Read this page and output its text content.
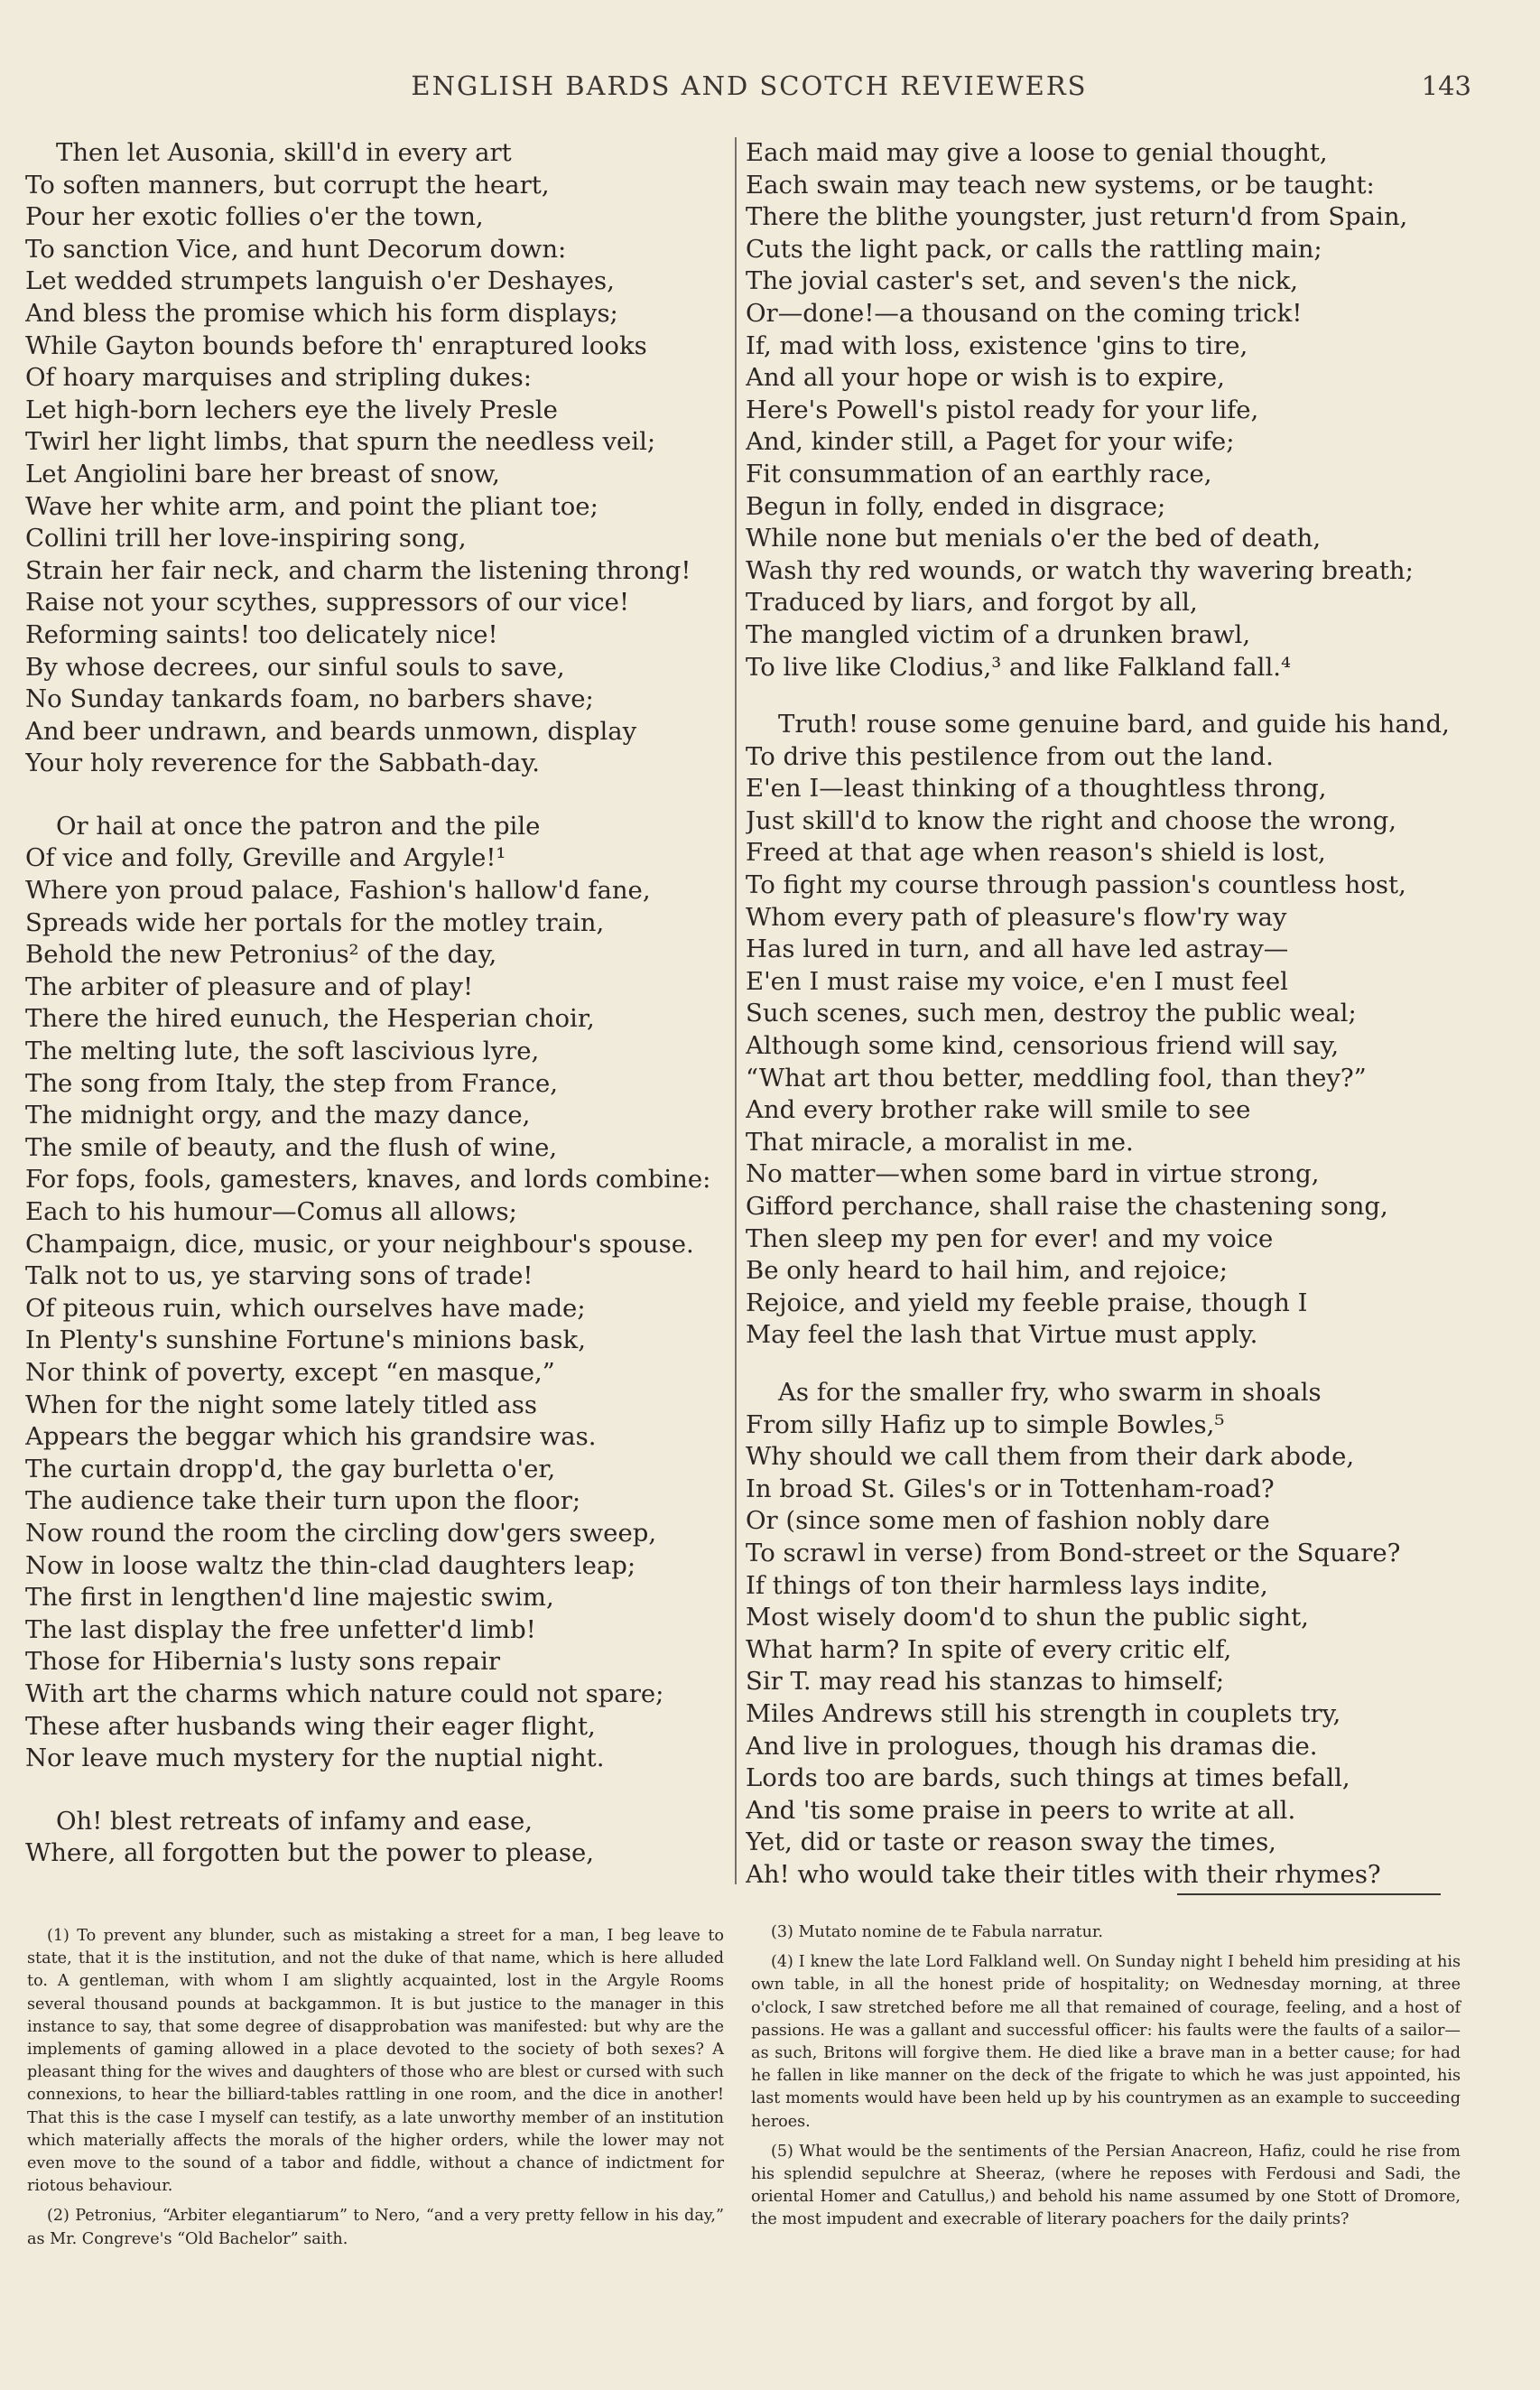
ENGLISH BARDS AND SCOTCH REVIEWERS	143
Then let Ausonia, skill'd in every art
To soften manners, but corrupt the heart,
Pour her exotic follies o'er the town,
To sanction Vice, and hunt Decorum down:
Let wedded strumpets languish o'er Deshayes,
And bless the promise which his form displays;
While Gayton bounds before th' enraptured looks
Of hoary marquises and stripling dukes:
Let high-born lechers eye the lively Presle
Twirl her light limbs, that spurn the needless veil;
Let Angiolini bare her breast of snow,
Wave her white arm, and point the pliant toe;
Collini trill her love-inspiring song,
Strain her fair neck, and charm the listening throng!
Raise not your scythes, suppressors of our vice!
Reforming saints! too delicately nice!
By whose decrees, our sinful souls to save,
No Sunday tankards foam, no barbers shave;
And beer undrawn, and beards unmown, display
Your holy reverence for the Sabbath-day.
Or hail at once the patron and the pile
Of vice and folly, Greville and Argyle!¹
Where yon proud palace, Fashion's hallow'd fane,
Spreads wide her portals for the motley train,
Behold the new Petronius² of the day,
The arbiter of pleasure and of play!
There the hired eunuch, the Hesperian choir,
The melting lute, the soft lascivious lyre,
The song from Italy, the step from France,
The midnight orgy, and the mazy dance,
The smile of beauty, and the flush of wine,
For fops, fools, gamesters, knaves, and lords combine:
Each to his humour—Comus all allows;
Champaign, dice, music, or your neighbour's spouse.
Talk not to us, ye starving sons of trade!
Of piteous ruin, which ourselves have made;
In Plenty's sunshine Fortune's minions bask,
Nor think of poverty, except “en masque,”
When for the night some lately titled ass
Appears the beggar which his grandsire was.
The curtain dropp'd, the gay burletta o'er,
The audience take their turn upon the floor;
Now round the room the circling dow'gers sweep,
Now in loose waltz the thin-clad daughters leap;
The first in lengthen'd line majestic swim,
The last display the free unfetter'd limb!
Those for Hibernia's lusty sons repair
With art the charms which nature could not spare;
These after husbands wing their eager flight,
Nor leave much mystery for the nuptial night.
Oh! blest retreats of infamy and ease,
Where, all forgotten but the power to please,
Each maid may give a loose to genial thought,
Each swain may teach new systems, or be taught:
There the blithe youngster, just return'd from Spain,
Cuts the light pack, or calls the rattling main;
The jovial caster's set, and seven's the nick,
Or—done!—a thousand on the coming trick!
If, mad with loss, existence 'gins to tire,
And all your hope or wish is to expire,
Here's Powell's pistol ready for your life,
And, kinder still, a Paget for your wife;
Fit consummation of an earthly race,
Begun in folly, ended in disgrace;
While none but menials o'er the bed of death,
Wash thy red wounds, or watch thy wavering breath;
Traduced by liars, and forgot by all,
The mangled victim of a drunken brawl,
To live like Clodius,³ and like Falkland fall.⁴
Truth! rouse some genuine bard, and guide his hand,
To drive this pestilence from out the land.
E'en I—least thinking of a thoughtless throng,
Just skill'd to know the right and choose the wrong,
Freed at that age when reason's shield is lost,
To fight my course through passion's countless host,
Whom every path of pleasure's flow'ry way
Has lured in turn, and all have led astray—
E'en I must raise my voice, e'en I must feel
Such scenes, such men, destroy the public weal;
Although some kind, censorious friend will say,
“What art thou better, meddling fool, than they?”
And every brother rake will smile to see
That miracle, a moralist in me.
No matter—when some bard in virtue strong,
Gifford perchance, shall raise the chastening song,
Then sleep my pen for ever! and my voice
Be only heard to hail him, and rejoice;
Rejoice, and yield my feeble praise, though I
May feel the lash that Virtue must apply.
As for the smaller fry, who swarm in shoals
From silly Hafiz up to simple Bowles,⁵
Why should we call them from their dark abode,
In broad St. Giles's or in Tottenham-road?
Or (since some men of fashion nobly dare
To scrawl in verse) from Bond-street or the Square?
If things of ton their harmless lays indite,
Most wisely doom'd to shun the public sight,
What harm? In spite of every critic elf,
Sir T. may read his stanzas to himself;
Miles Andrews still his strength in couplets try,
And live in prologues, though his dramas die.
Lords too are bards, such things at times befall,
And 'tis some praise in peers to write at all.
Yet, did or taste or reason sway the times,
Ah! who would take their titles with their rhymes?

(1) To prevent any blunder, such as mistaking a street for a man, I beg leave to state, that it is the institution, and not the duke of that name, which is here alluded to. A gentleman, with whom I am slightly acquainted, lost in the Argyle Rooms several thousand pounds at backgammon. It is but justice to the manager in this instance to say, that some degree of disapprobation was manifested: but why are the implements of gaming allowed in a place devoted to the society of both sexes? A pleasant thing for the wives and daughters of those who are blest or cursed with such connexions, to hear the billiard-tables rattling in one room, and the dice in another! That this is the case I myself can testify, as a late unworthy member of an institution which materially affects the morals of the higher orders, while the lower may not even move to the sound of a tabor and fiddle, without a chance of indictment for riotous behaviour.

(2) Petronius, “Arbiter elegantiarum” to Nero, “and a very pretty fellow in his day,” as Mr. Congreve's “Old Bachelor” saith.

(3) Mutato nomine de te Fabula narratur.

(4) I knew the late Lord Falkland well. On Sunday night I beheld him presiding at his own table, in all the honest pride of hospitality; on Wednesday morning, at three o'clock, I saw stretched before me all that remained of courage, feeling, and a host of passions. He was a gallant and successful officer: his faults were the faults of a sailor—as such, Britons will forgive them. He died like a brave man in a better cause; for had he fallen in like manner on the deck of the frigate to which he was just appointed, his last moments would have been held up by his countrymen as an example to succeeding heroes.

(5) What would be the sentiments of the Persian Anacreon, Hafiz, could he rise from his splendid sepulchre at Sheeraz, (where he reposes with Ferdousi and Sadi, the oriental Homer and Catullus,) and behold his name assumed by one Stott of Dromore, the most impudent and execrable of literary poachers for the daily prints?
